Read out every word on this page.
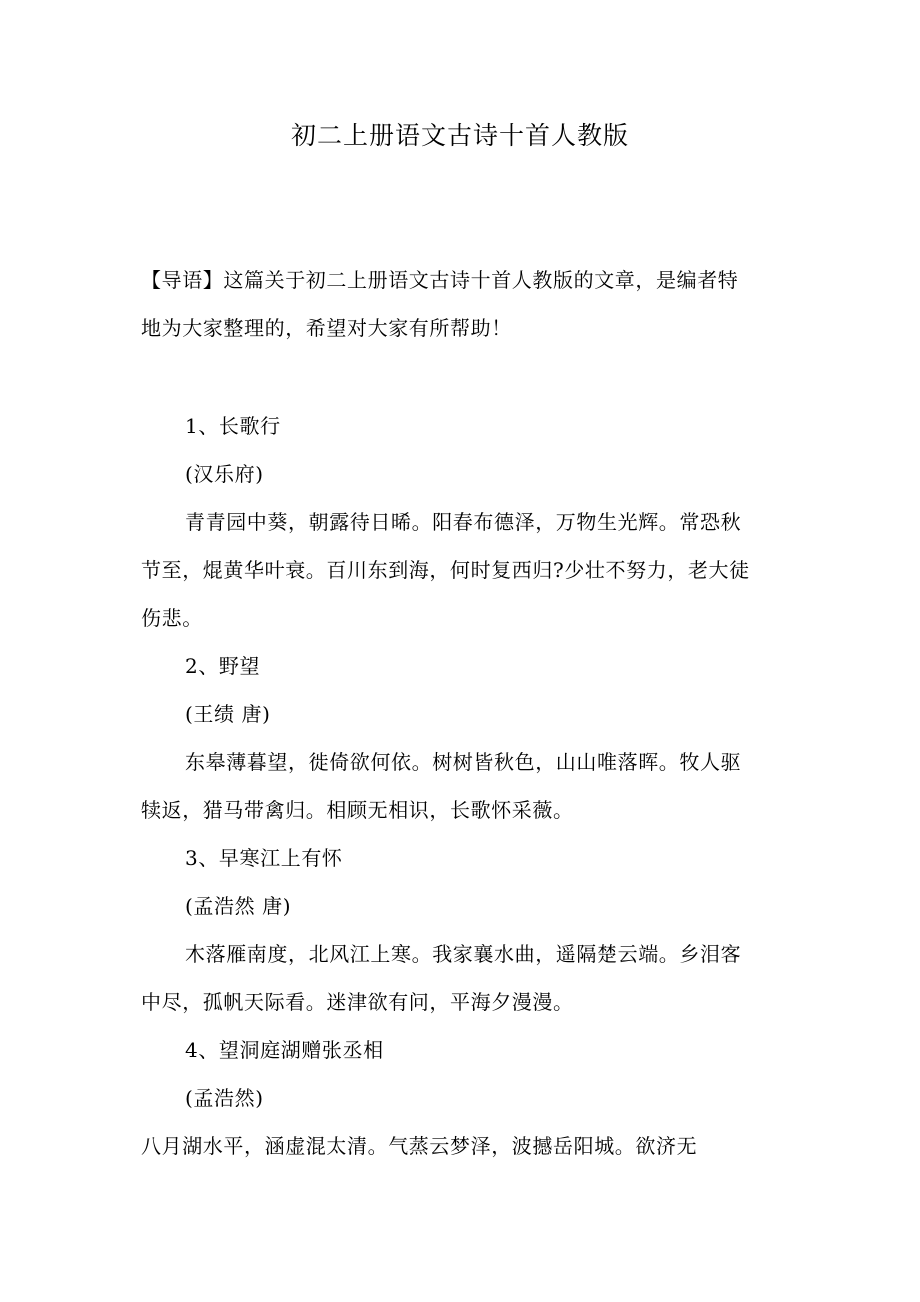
初二上册语文古诗十首人教版
【导语】这篇关于初二上册语文古诗十首人教版的文章，是编者特
地为大家整理的，希望对大家有所帮助！
1、长歌行
(汉乐府)
青青园中葵，朝露待日晞。阳春布德泽，万物生光辉。常恐秋
节至，焜黄华叶衰。百川东到海，何时复西归?少壮不努力，老大徒
伤悲。
2、野望
(王绩 唐)
东皋薄暮望，徙倚欲何依。树树皆秋色，山山唯落晖。牧人驱
犊返，猎马带禽归。相顾无相识，长歌怀采薇。
3、早寒江上有怀
(孟浩然 唐)
木落雁南度，北风江上寒。我家襄水曲，遥隔楚云端。乡泪客
中尽，孤帆天际看。迷津欲有问，平海夕漫漫。
4、望洞庭湖赠张丞相
(孟浩然)
八月湖水平，涵虚混太清。气蒸云梦泽，波撼岳阳城。欲济无
